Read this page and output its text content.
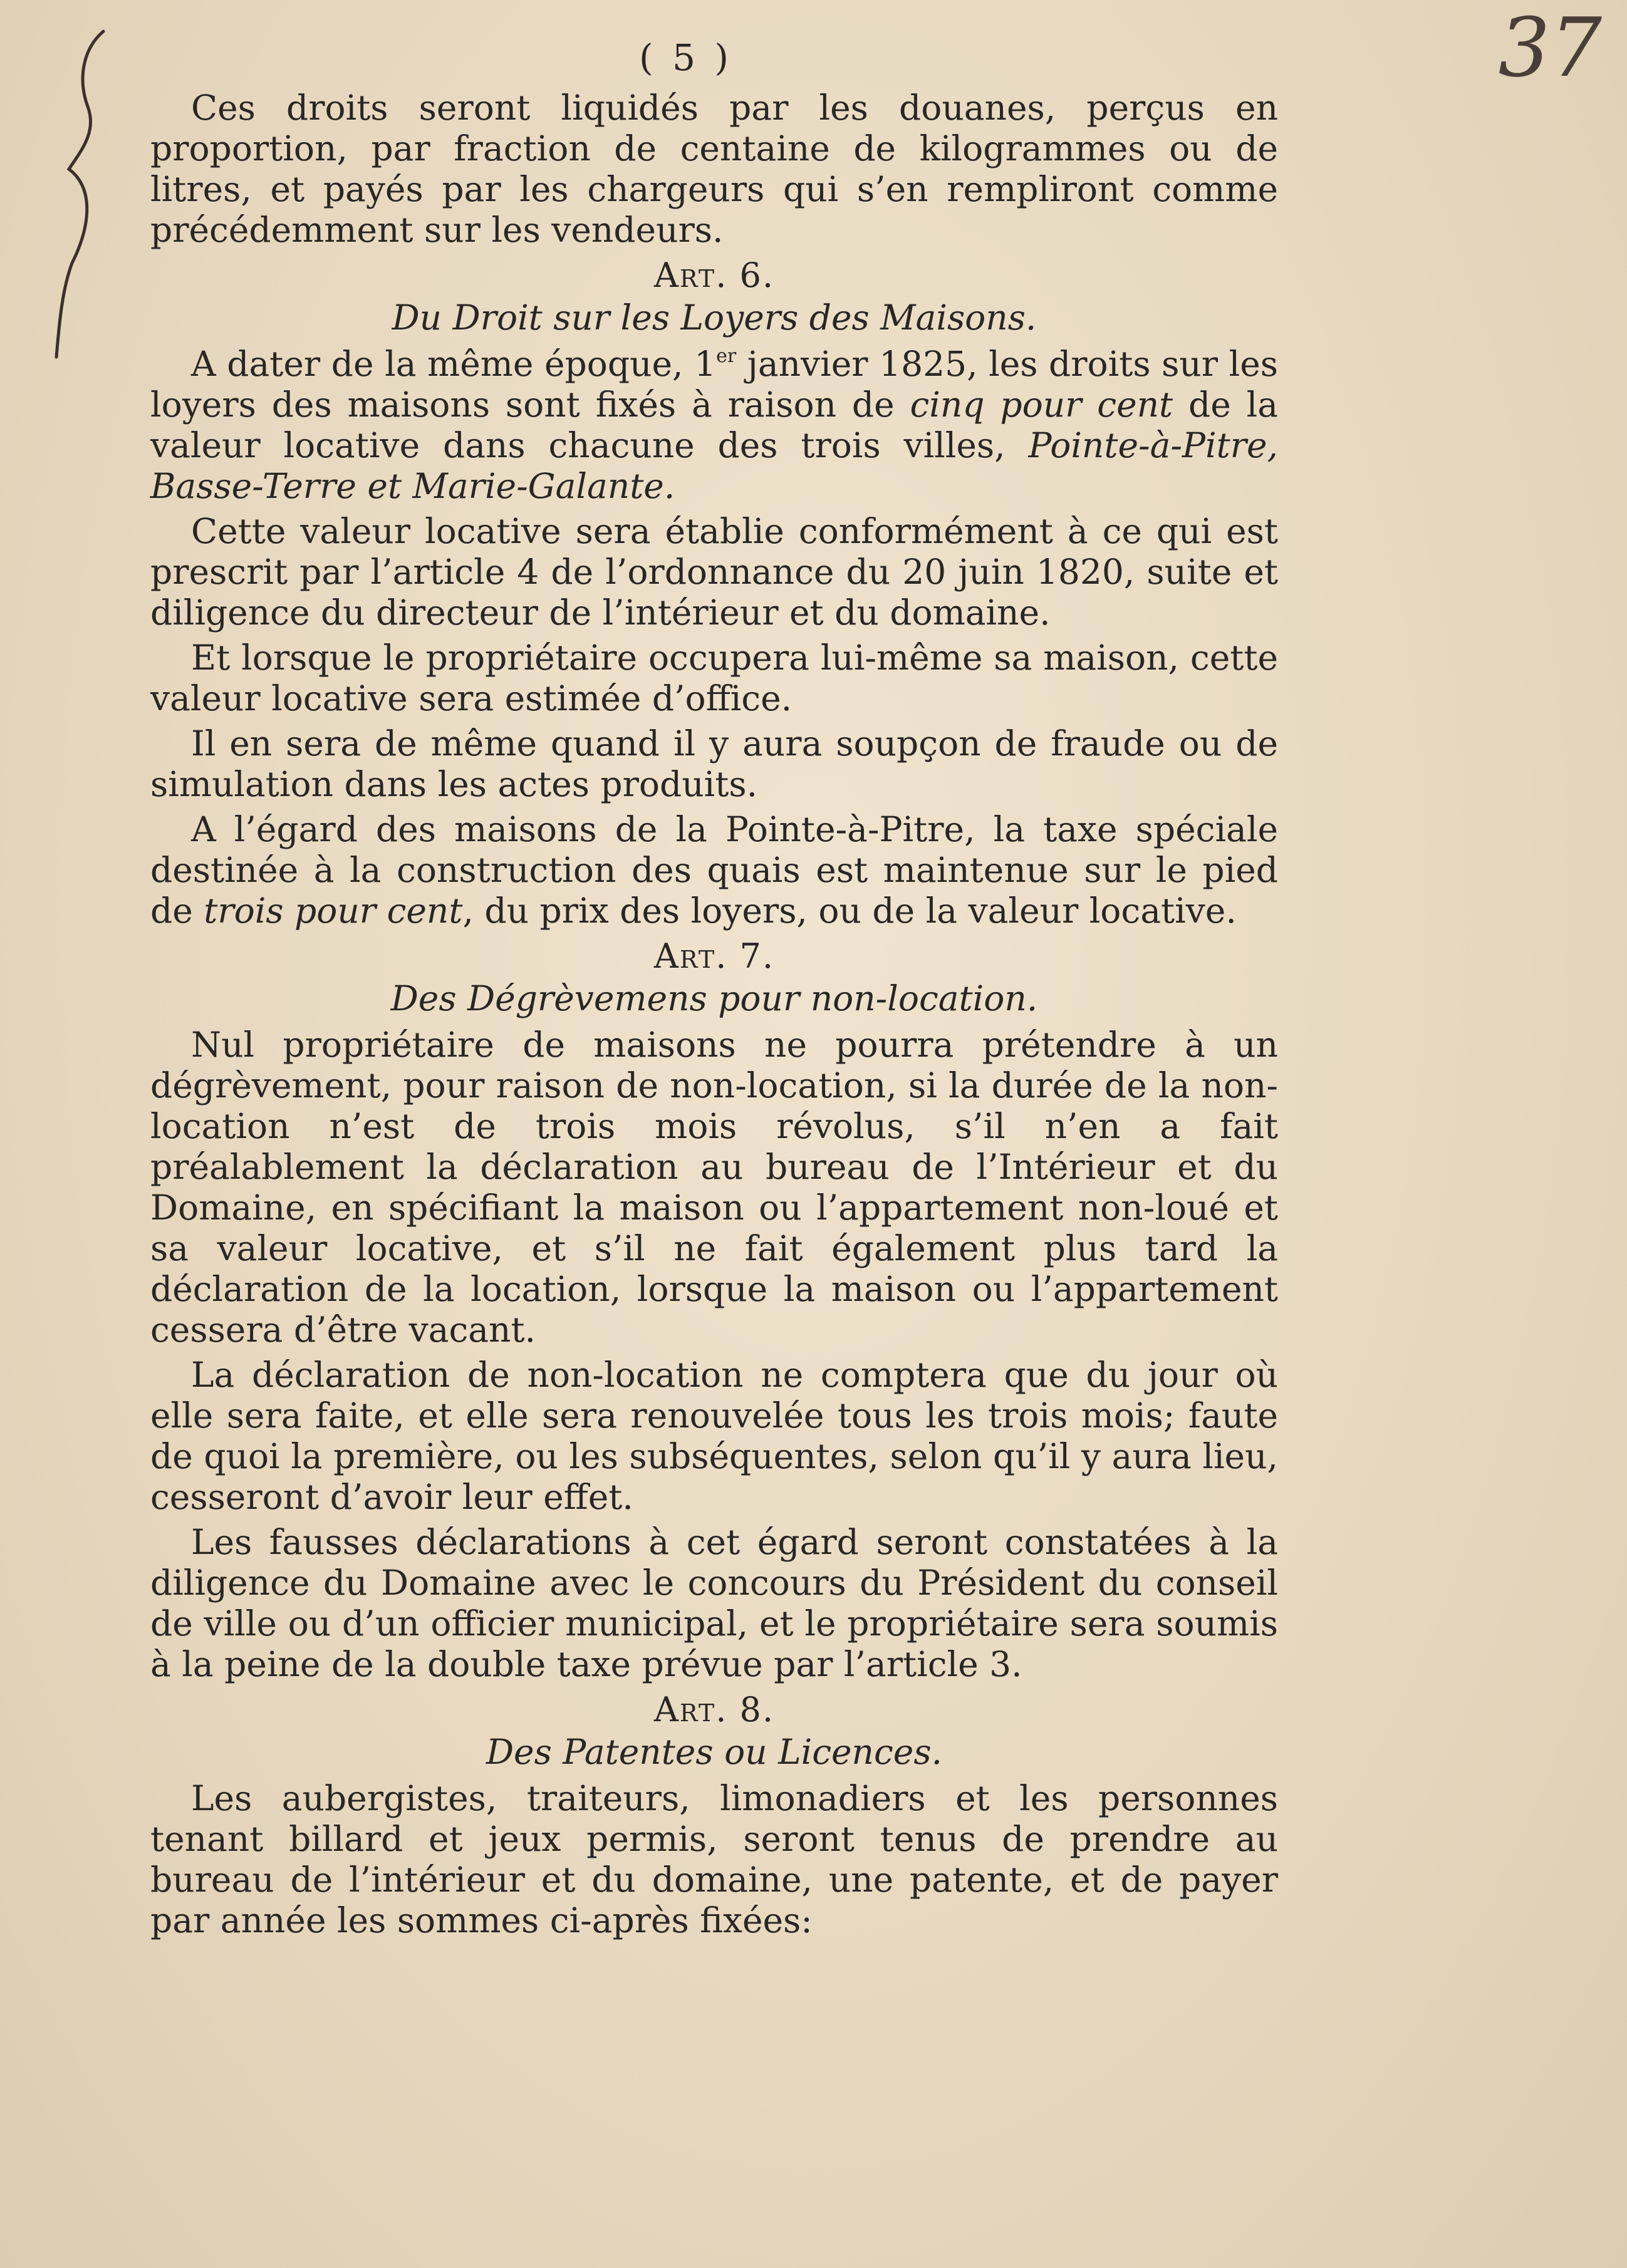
( 5 )	37

Ces droits seront liquidés par les douanes, perçus en proportion, par fraction de centaine de kilogrammes ou de litres, et payés par les chargeurs qui s’en rempliront comme précédemment sur les vendeurs.

Art. 6.
Du Droit sur les Loyers des Maisons.

A dater de la même époque, 1er janvier 1825, les droits sur les loyers des maisons sont fixés à raison de cinq pour cent de la valeur locative dans chacune des trois villes, Pointe-à-Pitre, Basse-Terre et Marie-Galante.

Cette valeur locative sera établie conformément à ce qui est prescrit par l’article 4 de l’ordonnance du 20 juin 1820, suite et diligence du directeur de l’intérieur et du domaine.

Et lorsque le propriétaire occupera lui-même sa maison, cette valeur locative sera estimée d’office.

Il en sera de même quand il y aura soupçon de fraude ou de simulation dans les actes produits.

A l’égard des maisons de la Pointe-à-Pitre, la taxe spéciale destinée à la construction des quais est maintenue sur le pied de trois pour cent, du prix des loyers, ou de la valeur locative.

Art. 7.
Des Dégrèvemens pour non-location.

Nul propriétaire de maisons ne pourra prétendre à un dégrèvement, pour raison de non-location, si la durée de la non-location n’est de trois mois révolus, s’il n’en a fait préalablement la déclaration au bureau de l’Intérieur et du Domaine, en spécifiant la maison ou l’appartement non-loué et sa valeur locative, et s’il ne fait également plus tard la déclaration de la location, lorsque la maison ou l’appartement cessera d’être vacant.

La déclaration de non-location ne comptera que du jour où elle sera faite, et elle sera renouvelée tous les trois mois; faute de quoi la première, ou les subséquentes, selon qu’il y aura lieu, cesseront d’avoir leur effet.

Les fausses déclarations à cet égard seront constatées à la diligence du Domaine avec le concours du Président du conseil de ville ou d’un officier municipal, et le propriétaire sera soumis à la peine de la double taxe prévue par l’article 3.

Art. 8.
Des Patentes ou Licences.

Les aubergistes, traiteurs, limonadiers et les personnes tenant billard et jeux permis, seront tenus de prendre au bureau de l’intérieur et du domaine, une patente, et de payer par année les sommes ci-après fixées:
